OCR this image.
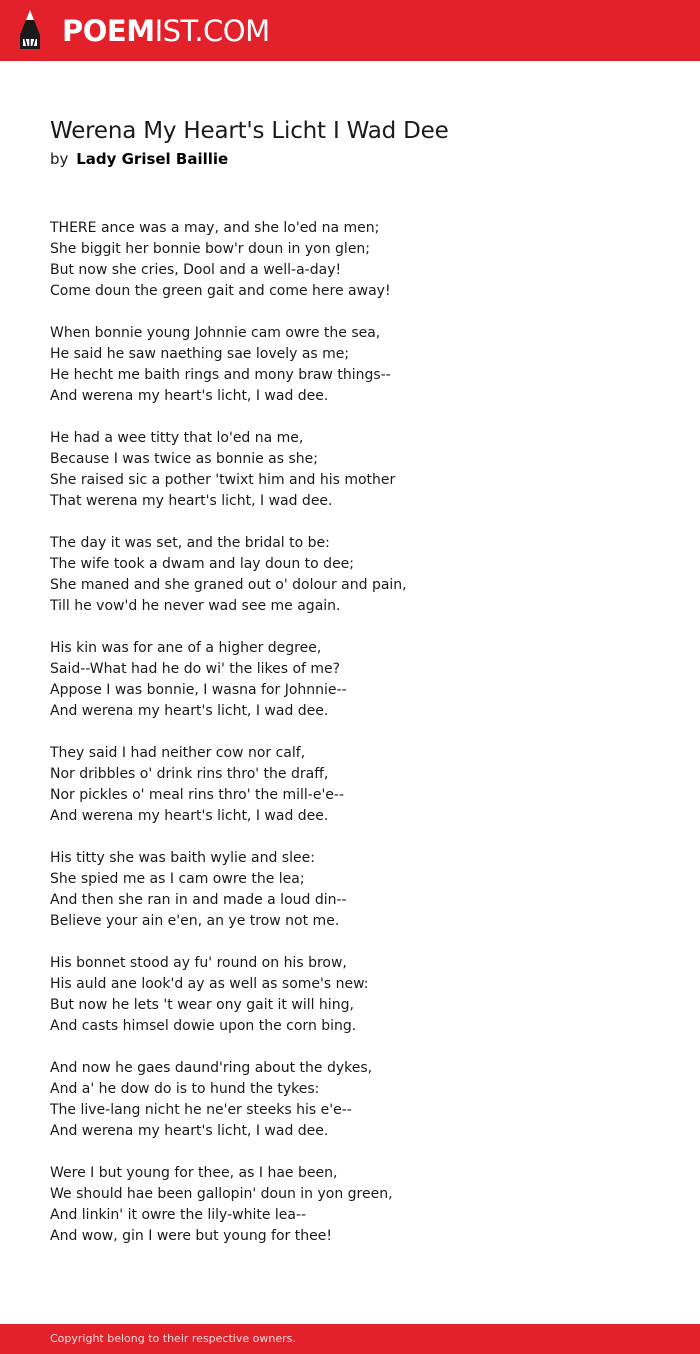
POEMIST.COM
Werena My Heart's Licht I Wad Dee
by Lady Grisel Baillie
THERE ance was a may, and she lo'ed na men;
She biggit her bonnie bow'r doun in yon glen;
But now she cries, Dool and a well-a-day!
Come doun the green gait and come here away!
When bonnie young Johnnie cam owre the sea,
He said he saw naething sae lovely as me;
He hecht me baith rings and mony braw things--
And werena my heart's licht, I wad dee.
He had a wee titty that lo'ed na me,
Because I was twice as bonnie as she;
She raised sic a pother 'twixt him and his mother
That werena my heart's licht, I wad dee.
The day it was set, and the bridal to be:
The wife took a dwam and lay doun to dee;
She maned and she graned out o' dolour and pain,
Till he vow'd he never wad see me again.
His kin was for ane of a higher degree,
Said--What had he do wi' the likes of me?
Appose I was bonnie, I wasna for Johnnie--
And werena my heart's licht, I wad dee.
They said I had neither cow nor calf,
Nor dribbles o' drink rins thro' the draff,
Nor pickles o' meal rins thro' the mill-e'e--
And werena my heart's licht, I wad dee.
His titty she was baith wylie and slee:
She spied me as I cam owre the lea;
And then she ran in and made a loud din--
Believe your ain e'en, an ye trow not me.
His bonnet stood ay fu' round on his brow,
His auld ane look'd ay as well as some's new:
But now he lets 't wear ony gait it will hing,
And casts himsel dowie upon the corn bing.
And now he gaes daund'ring about the dykes,
And a' he dow do is to hund the tykes:
The live-lang nicht he ne'er steeks his e'e--
And werena my heart's licht, I wad dee.
Were I but young for thee, as I hae been,
We should hae been gallopin' doun in yon green,
And linkin' it owre the lily-white lea--
And wow, gin I were but young for thee!
Copyright belong to their respective owners.
